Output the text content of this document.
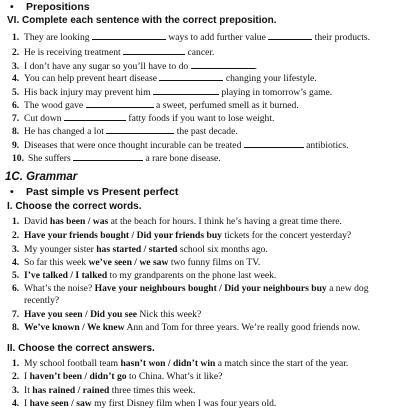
• Prepositions
VI. Complete each sentence with the correct preposition.
1. They are looking	ways to add further value	their products.
2. He is receiving treatment	cancer.
3. I don’t have any sugar so you’ll have to do	.
4. You can help prevent heart disease	changing your lifestyle.
5. His back injury may prevent him	playing in tomorrow’s game.
6. The wood gave	a sweet, perfumed smell as it burned.
7. Cut down	fatty foods if you want to lose weight.
8. He has changed a lot	the past decade.
9. Diseases that were once thought incurable can be treated	antibiotics.
10. She suffers	a rare bone disease.
1C. Grammar
• Past simple vs Present perfect
I. Choose the correct words.
1. David has been / was at the beach for hours. I think he’s having a great time there.
2. Have your friends bought / Did your friends buy tickets for the concert yesterday?
3. My younger sister has started / started school six months ago.
4. So far this week we’ve seen / we saw two funny films on TV.
5. I’ve talked / I talked to my grandparents on the phone last week.
6. What’s the noise? Have your neighbours bought / Did your neighbours buy a new dog
recently?
7. Have you seen / Did you see Nick this week?
8. We’ve known / We knew Ann and Tom for three years. We’re really good friends now.
II. Choose the correct answers.
1. My school football team hasn’t won / didn’t win a match since the start of the year.
2. I haven’t been / didn’t go to China. What’s it like?
3. It has rained / rained three times this week.
4. I have seen / saw my first Disney film when I was four years old.
